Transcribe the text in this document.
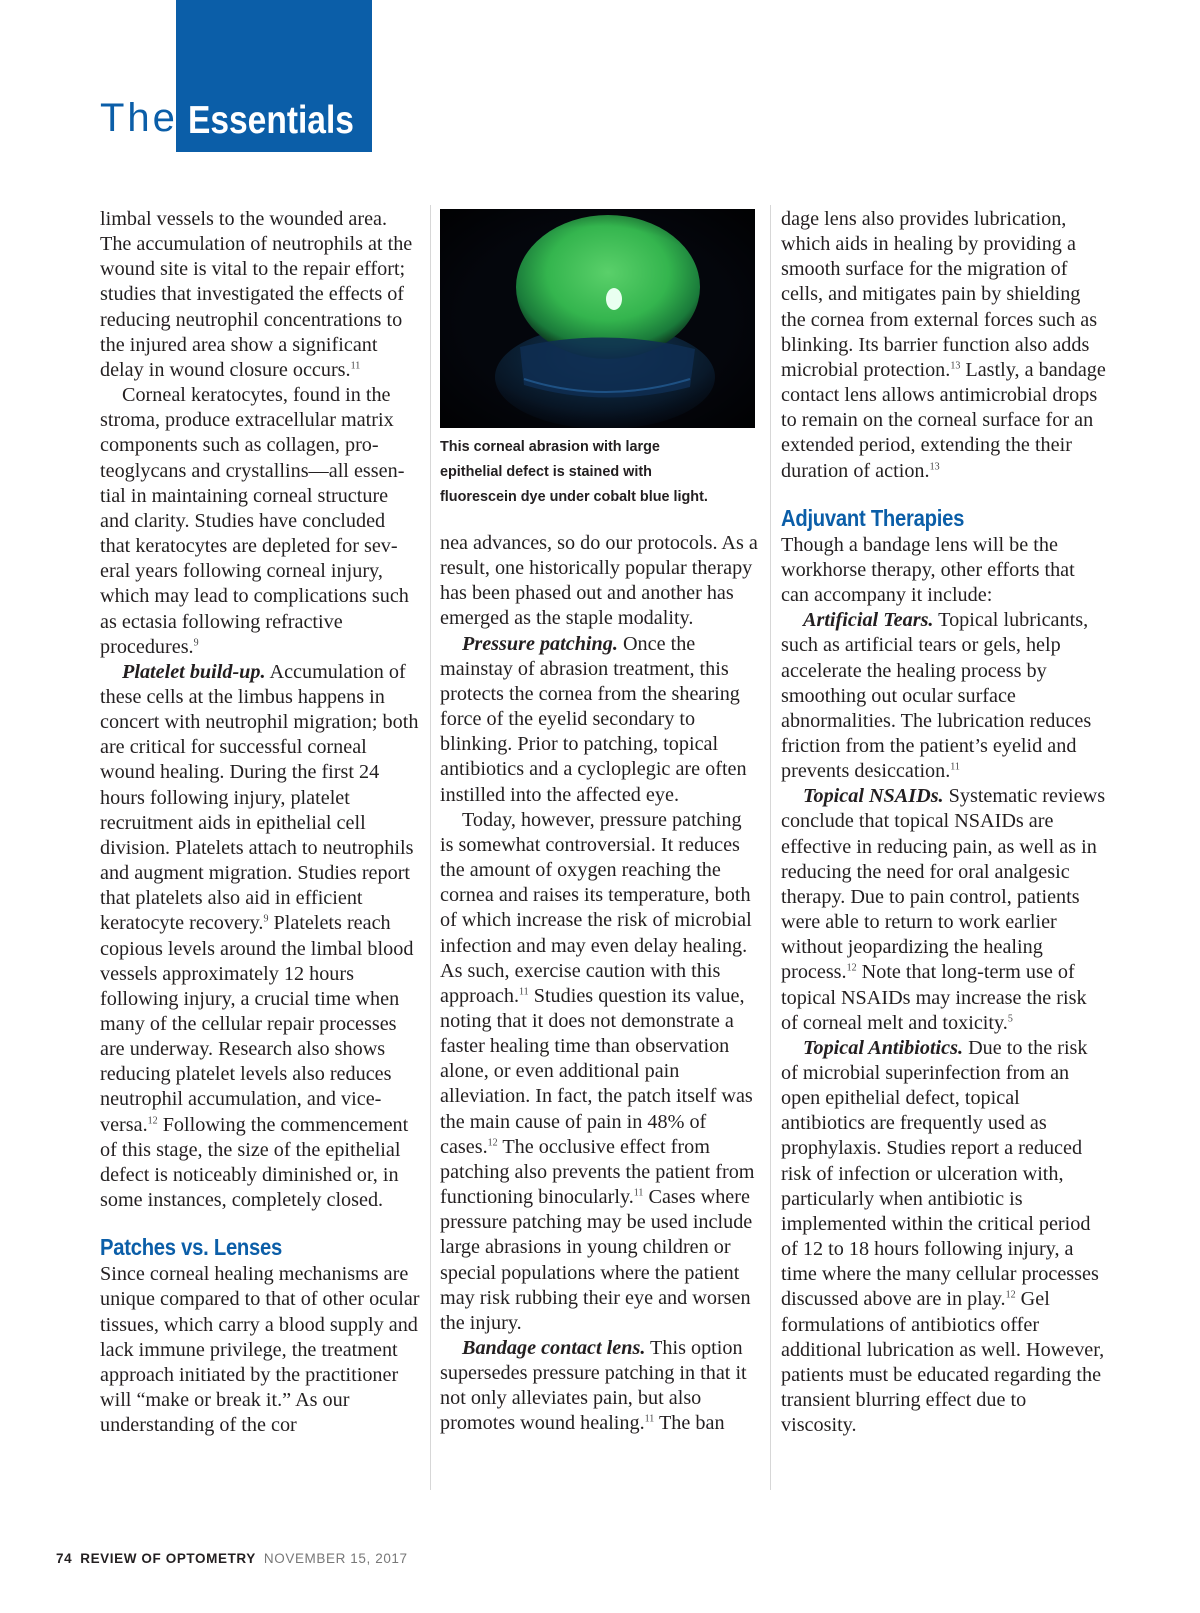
The Essentials

limbal vessels to the wounded area. The accumulation of neutrophils at the wound site is vital to the repair effort; studies that investigated the effects of reducing neutrophil concentrations to the injured area show a significant delay in wound closure occurs.$^{11}$

Corneal keratocytes, found in the stroma, produce extracellular matrix components such as collagen, proteoglycans and crystallins—all essential in maintaining corneal structure and clarity. Studies have concluded that keratocytes are depleted for several years following corneal injury, which may lead to complications such as ectasia following refractive procedures.$^9$

Platelet build-up. Accumulation of these cells at the limbus happens in concert with neutrophil migration; both are critical for successful corneal wound healing. During the first 24 hours following injury, platelet recruitment aids in epithelial cell division. Platelets attach to neutrophils and augment migration. Studies report that platelets also aid in efficient keratocyte recovery.$^9$ Platelets reach copious levels around the limbal blood vessels approximately 12 hours following injury, a crucial time when many of the cellular repair processes are underway. Research also shows reducing platelet levels also reduces neutrophil accumulation, and vice-versa.$^{12}$ Following the commencement of this stage, the size of the epithelial defect is noticeably diminished or, in some instances, completely closed.

Patches vs. Lenses

Since corneal healing mechanisms are unique compared to that of other ocular tissues, which carry a blood supply and lack immune privilege, the treatment approach initiated by the practitioner will “make or break it.” As our understanding of the cor

This corneal abrasion with large
epithelial defect is stained with
fluorescein dye under cobalt blue light.

nea advances, so do our protocols. As a result, one historically popular therapy has been phased out and another has emerged as the staple modality.

Pressure patching. Once the mainstay of abrasion treatment, this protects the cornea from the shearing force of the eyelid secondary to blinking. Prior to patching, topical antibiotics and a cycloplegic are often instilled into the affected eye.

Today, however, pressure patching is somewhat controversial. It reduces the amount of oxygen reaching the cornea and raises its temperature, both of which increase the risk of microbial infection and may even delay healing. As such, exercise caution with this approach.$^{11}$ Studies question its value, noting that it does not demonstrate a faster healing time than observation alone, or even additional pain alleviation. In fact, the patch itself was the main cause of pain in 48% of cases.$^{12}$ The occlusive effect from patching also prevents the patient from functioning binocularly.$^{11}$ Cases where pressure patching may be used include large abrasions in young children or special populations where the patient may risk rubbing their eye and worsen the injury.

Bandage contact lens. This option supersedes pressure patching in that it not only alleviates pain, but also promotes wound healing.$^{11}$ The ban

dage lens also provides lubrication, which aids in healing by providing a smooth surface for the migration of cells, and mitigates pain by shielding the cornea from external forces such as blinking. Its barrier function also adds microbial protection.$^{13}$ Lastly, a bandage contact lens allows antimicrobial drops to remain on the corneal surface for an extended period, extending the their duration of action.$^{13}$

Adjuvant Therapies

Though a bandage lens will be the workhorse therapy, other efforts that can accompany it include:

Artificial Tears. Topical lubricants, such as artificial tears or gels, help accelerate the healing process by smoothing out ocular surface abnormalities. The lubrication reduces friction from the patient’s eyelid and prevents desiccation.$^{11}$

Topical NSAIDs. Systematic reviews conclude that topical NSAIDs are effective in reducing pain, as well as in reducing the need for oral analgesic therapy. Due to pain control, patients were able to return to work earlier without jeopardizing the healing process.$^{12}$ Note that long-term use of topical NSAIDs may increase the risk of corneal melt and toxicity.$^5$

Topical Antibiotics. Due to the risk of microbial superinfection from an open epithelial defect, topical antibiotics are frequently used as prophylaxis. Studies report a reduced risk of infection or ulceration with, particularly when antibiotic is implemented within the critical period of 12 to 18 hours following injury, a time where the many cellular processes discussed above are in play.$^{12}$ Gel formulations of antibiotics offer additional lubrication as well. However, patients must be educated regarding the transient blurring effect due to viscosity.

74 REVIEW OF OPTOMETRY NOVEMBER 15, 2017
